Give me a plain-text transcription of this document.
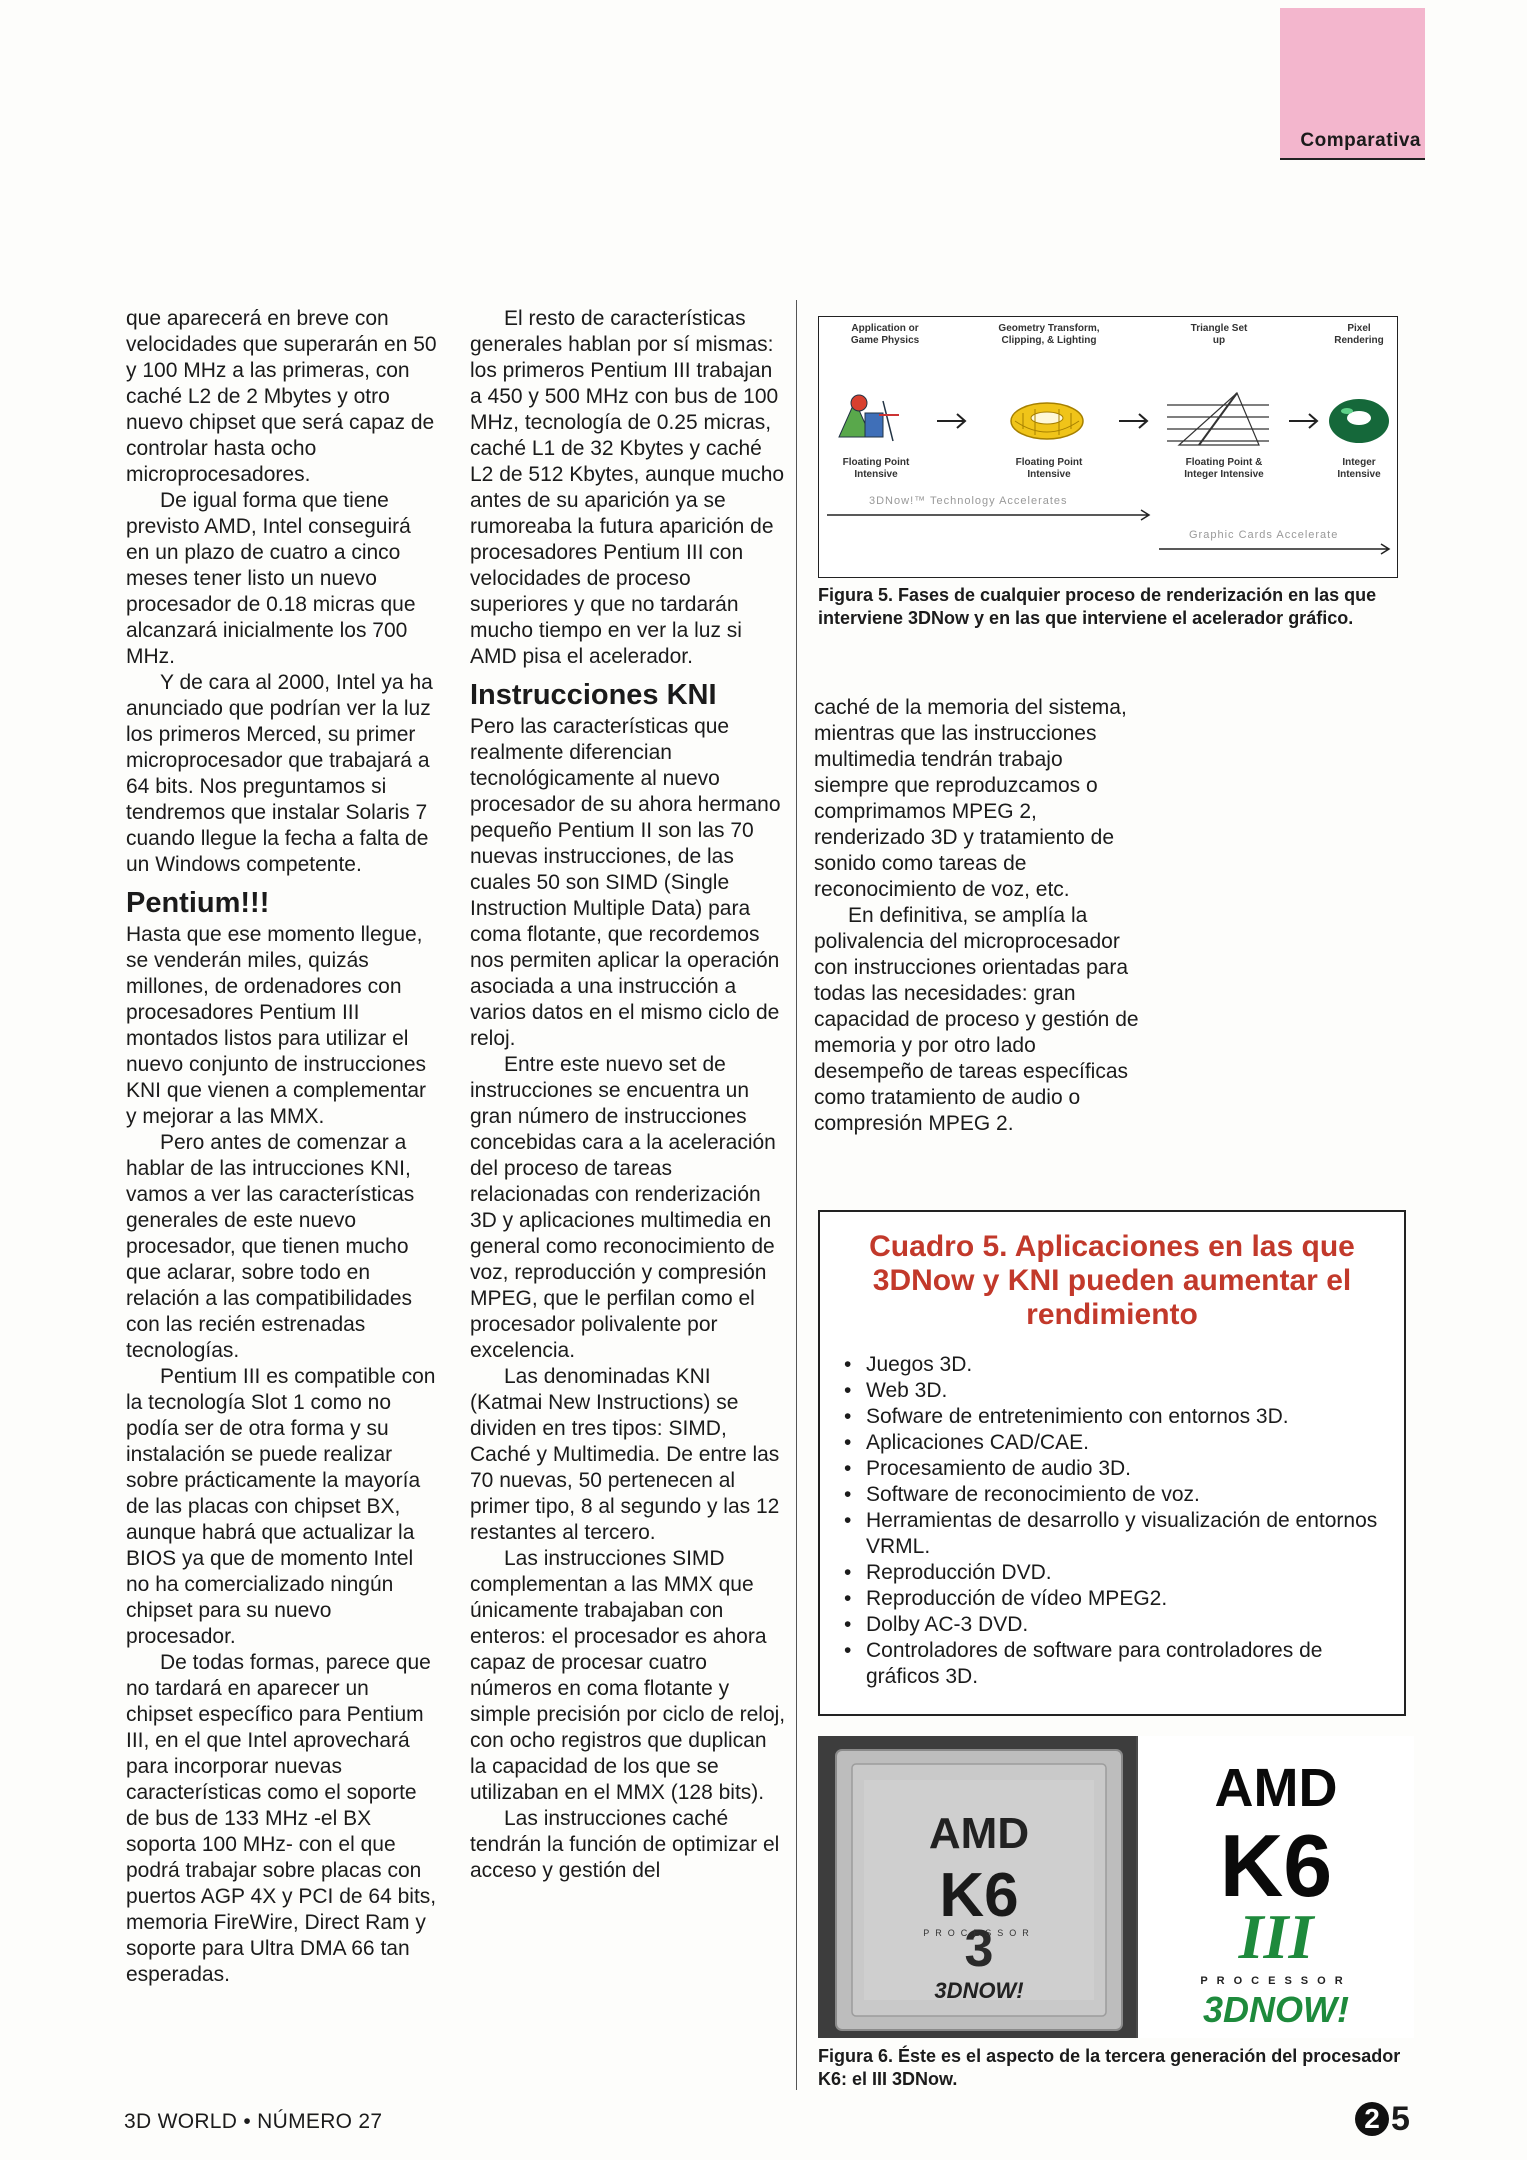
Comparativa

que aparecerá en breve con velocidades que superarán en 50 y 100 MHz a las primeras, con caché L2 de 2 Mbytes y otro nuevo chipset que será capaz de controlar hasta ocho microprocesadores.

De igual forma que tiene previsto AMD, Intel conseguirá en un plazo de cuatro a cinco meses tener listo un nuevo procesador de 0.18 micras que alcanzará inicialmente los 700 MHz.

Y de cara al 2000, Intel ya ha anunciado que podrían ver la luz los primeros Merced, su primer microprocesador que trabajará a 64 bits. Nos preguntamos si tendremos que instalar Solaris 7 cuando llegue la fecha a falta de un Windows competente.

Pentium!!!

Hasta que ese momento llegue, se venderán miles, quizás millones, de ordenadores con procesadores Pentium III montados listos para utilizar el nuevo conjunto de instrucciones KNI que vienen a complementar y mejorar a las MMX.

Pero antes de comenzar a hablar de las intrucciones KNI, vamos a ver las características generales de este nuevo procesador, que tienen mucho que aclarar, sobre todo en relación a las compatibilidades con las recién estrenadas tecnologías.

Pentium III es compatible con la tecnología Slot 1 como no podía ser de otra forma y su instalación se puede realizar sobre prácticamente la mayoría de las placas con chipset BX, aunque habrá que actualizar la BIOS ya que de momento Intel no ha comercializado ningún chipset para su nuevo procesador.

De todas formas, parece que no tardará en aparecer un chipset específico para Pentium III, en el que Intel aprovechará para incorporar nuevas características como el soporte de bus de 133 MHz -el BX soporta 100 MHz- con el que podrá trabajar sobre placas con puertos AGP 4X y PCI de 64 bits, memoria FireWire, Direct Ram y soporte para Ultra DMA 66 tan esperadas.

El resto de características generales hablan por sí mismas: los primeros Pentium III trabajan a 450 y 500 MHz con bus de 100 MHz, tecnología de 0.25 micras, caché L1 de 32 Kbytes y caché L2 de 512 Kbytes, aunque mucho antes de su aparición ya se rumoreaba la futura aparición de procesadores Pentium III con velocidades de proceso superiores y que no tardarán mucho tiempo en ver la luz si AMD pisa el acelerador.

Instrucciones KNI

Pero las características que realmente diferencian tecnológicamente al nuevo procesador de su ahora hermano pequeño Pentium II son las 70 nuevas instrucciones, de las cuales 50 son SIMD (Single Instruction Multiple Data) para coma flotante, que recordemos nos permiten aplicar la operación asociada a una instrucción a varios datos en el mismo ciclo de reloj.

Entre este nuevo set de instrucciones se encuentra un gran número de instrucciones concebidas cara a la aceleración del proceso de tareas relacionadas con renderización 3D y aplicaciones multimedia en general como reconocimiento de voz, reproducción y compresión MPEG, que le perfilan como el procesador polivalente por excelencia.

Las denominadas KNI (Katmai New Instructions) se dividen en tres tipos: SIMD, Caché y Multimedia. De entre las 70 nuevas, 50 pertenecen al primer tipo, 8 al segundo y las 12 restantes al tercero.

Las instrucciones SIMD complementan a las MMX que únicamente trabajaban con enteros: el procesador es ahora capaz de procesar cuatro números en coma flotante y simple precisión por ciclo de reloj, con ocho registros que duplican la capacidad de los que se utilizaban en el MMX (128 bits).

Las instrucciones caché tendrán la función de optimizar el acceso y gestión del

Application or Game Physics
Geometry Transform, Clipping, & Lighting
Triangle Set up
Pixel Rendering
Floating Point Intensive
Floating Point Intensive
Floating Point & Integer Intensive
Integer Intensive
3DNow!™ Technology Accelerates
Graphic Cards Accelerate
Figura 5. Fases de cualquier proceso de renderización en las que interviene 3DNow y en las que interviene el acelerador gráfico.

caché de la memoria del sistema, mientras que las instrucciones multimedia tendrán trabajo siempre que reproduzcamos o comprimamos MPEG 2, renderizado 3D y tratamiento de sonido como tareas de reconocimiento de voz, etc.

En definitiva, se amplía la polivalencia del microprocesador con instrucciones orientadas para todas las necesidades: gran capacidad de proceso y gestión de memoria y por otro lado desempeño de tareas específicas como tratamiento de audio o compresión MPEG 2.

Cuadro 5. Aplicaciones en las que 3DNow y KNI pueden aumentar el rendimiento
• Juegos 3D.
• Web 3D.
• Sofware de entretenimiento con entornos 3D.
• Aplicaciones CAD/CAE.
• Procesamiento de audio 3D.
• Software de reconocimiento de voz.
• Herramientas de desarrollo y visualización de entornos VRML.
• Reproducción DVD.
• Reproducción de vídeo MPEG2.
• Dolby AC-3 DVD.
• Controladores de software para controladores de gráficos 3D.
AMD
K6
3
PROCESSOR
3DNOW!
AMD
K6
III
PROCESSOR
3DNOW!
Figura 6. Éste es el aspecto de la tercera generación del procesador K6: el III 3DNow.
3D WORLD • NÚMERO 27	2 5
